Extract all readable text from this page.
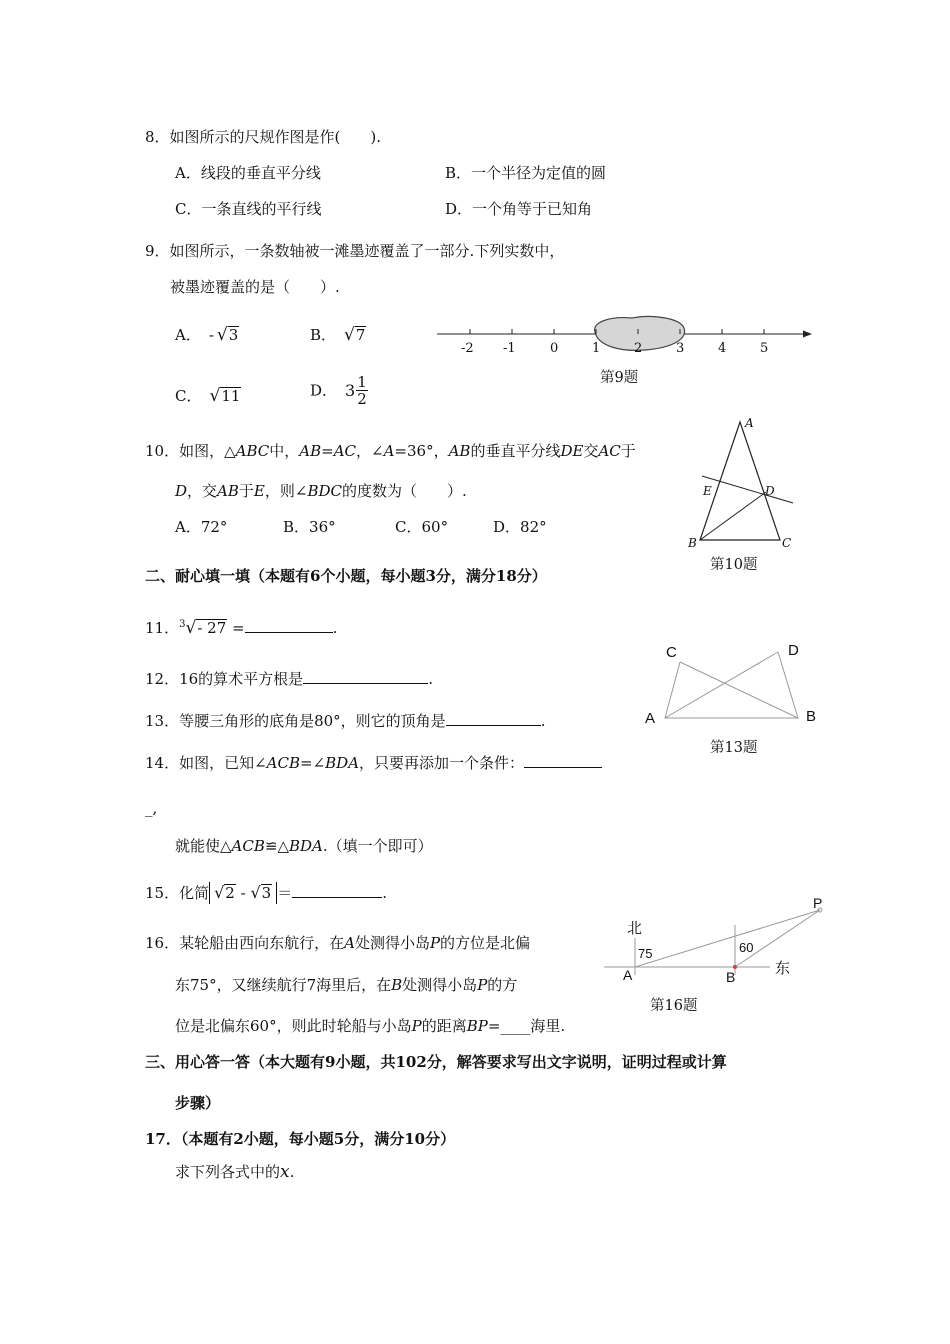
8．如图所示的尺规作图是作(　　).
A．线段的垂直平分线	B．一个半径为定值的圆
C．一条直线的平行线	D．一个角等于已知角
9．如图所示，一条数轴被一滩墨迹覆盖了一部分.下列实数中，
被墨迹覆盖的是（　　）.
A． - √3	B． √7
C． √11	D． $3 \frac{1}{2}$
-2 -1	0	1	2	3	4	5
第9题
10．如图，△ABC中，AB=AC，∠A=36°，AB的垂直平分线DE交AC于
D，交AB于E，则∠BDC的度数为（　　）.
A．72°	B．36°	C．60°	D．82°
A
B	C
D
E
第10题
二、耐心填一填（本题有6个小题，每小题3分，满分18分）
11．$^3$√- 27 =	.
12．16的算术平方根是	.
13．等腰三角形的底角是80°，则它的顶角是	.
C	D
A	B
第13题
14．如图，已知∠ACB=∠BDA，只要再添加一个条件：
_,
就能使△ACB≌△BDA.（填一个即可）
15．化简 √2 - √3 ＝	.
16．某轮船由西向东航行，在A处测得小岛P的方位是北偏
东75°，又继续航行7海里后，在B处测得小岛P的方
位是北偏东60°，则此时轮船与小岛P的距离BP=____海里.
北
75	60
A	B	东
P
第16题
三、用心答一答（本大题有9小题，共102分，解答要求写出文字说明，证明过程或计算
步骤）
17．（本题有2小题，每小题5分，满分10分）
求下列各式中的x.
